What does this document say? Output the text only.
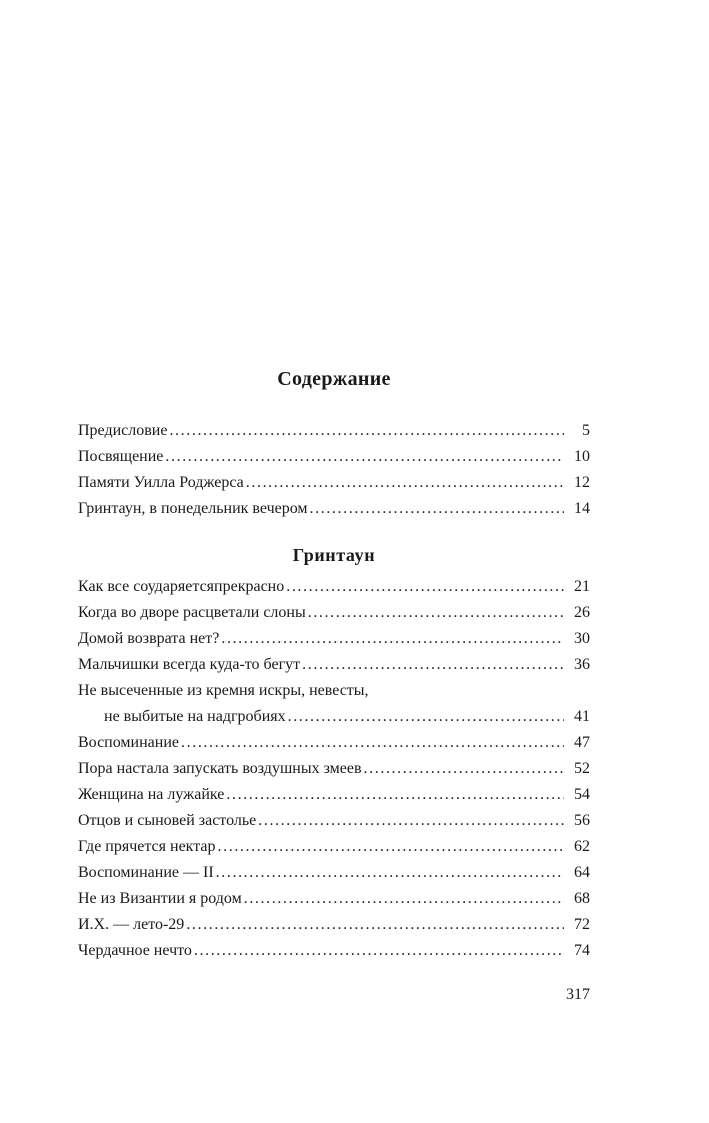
Содержание
Предисловие . . .	5
Посвящение . . .	10
Памяти Уилла Роджерса . . .	12
Гринтаун, в понедельник вечером . . .	14
Гринтаун
Как все соударяетсяпрекрасно . . .	21
Когда во дворе расцветали слоны . . .	26
Домой возврата нет? . . .	30
Мальчишки всегда куда-то бегут . . .	36
Не высеченные из кремня искры, невесты,
не выбитые на надгробиях . . .	41
Воспоминание . . .	47
Пора настала запускать воздушных змеев . . .	52
Женщина на лужайке . . .	54
Отцов и сыновей застолье . . .	56
Где прячется нектар . . .	62
Воспоминание — II . . .	64
Не из Византии я родом . . .	68
И.Х. — лето-29 . . .	72
Чердачное нечто . . .	74
317
